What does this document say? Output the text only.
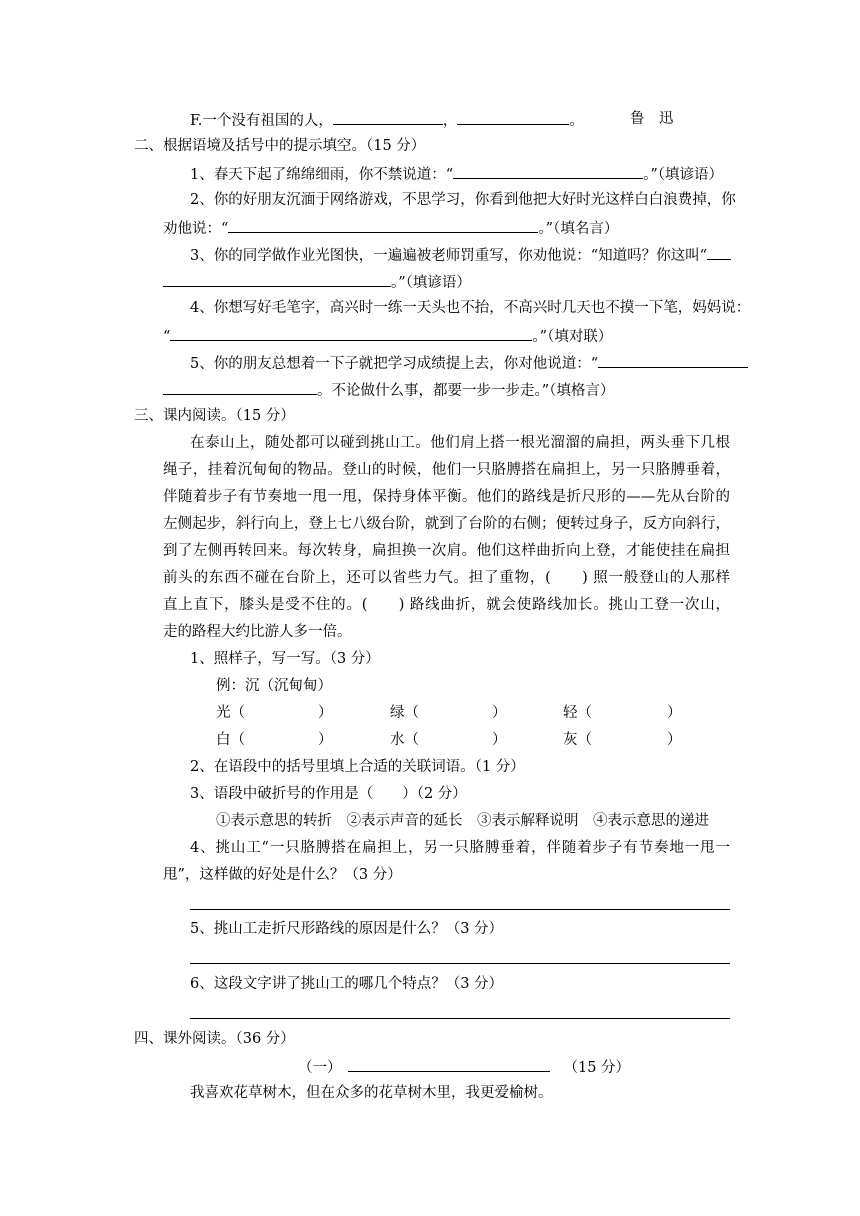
F.一个没有祖国的人，	，	。	鲁　迅
二、根据语境及括号中的提示填空。（15 分）
1、春天下起了绵绵细雨，你不禁说道：“	。”（填谚语）
2、你的好朋友沉湎于网络游戏，不思学习，你看到他把大好时光这样白白浪费掉，你
劝他说：“	。”（填名言）
3、你的同学做作业光图快，一遍遍被老师罚重写，你劝他说：“知道吗？你这叫“
。”（填谚语）
4、你想写好毛笔字，高兴时一练一天头也不抬，不高兴时几天也不摸一下笔，妈妈说：
“	。”（填对联）
5、你的朋友总想着一下子就把学习成绩提上去，你对他说道：“
。不论做什么事，都要一步一步走。”（填格言）
三、课内阅读。（15 分）
在泰山上，随处都可以碰到挑山工。他们肩上搭一根光溜溜的扁担，两头垂下几根
绳子，挂着沉甸甸的物品。登山的时候，他们一只胳膊搭在扁担上，另一只胳膊垂着，
伴随着步子有节奏地一甩一甩，保持身体平衡。他们的路线是折尺形的——先从台阶的
左侧起步，斜行向上，登上七八级台阶，就到了台阶的右侧；便转过身子，反方向斜行，
到了左侧再转回来。每次转身，扁担换一次肩。他们这样曲折向上登，才能使挂在扁担
前头的东西不碰在台阶上，还可以省些力气。担了重物，(　　) 照一般登山的人那样
直上直下，膝头是受不住的。(　　) 路线曲折，就会使路线加长。挑山工登一次山，
走的路程大约比游人多一倍。
1、照样子，写一写。（3 分）
例：沉（沉甸甸）
光（	）	绿（	）	轻（	）
白（	）	水（	）	灰（	）
2、在语段中的括号里填上合适的关联词语。（1 分）
3、语段中破折号的作用是（　　）（2 分）
①表示意思的转折　②表示声音的延长　③表示解释说明　④表示意思的递进
4、挑山工“一只胳膊搭在扁担上，另一只胳膊垂着，伴随着步子有节奏地一甩一
甩”，这样做的好处是什么？（3 分）
5、挑山工走折尺形路线的原因是什么？（3 分）
6、这段文字讲了挑山工的哪几个特点？（3 分）
四、课外阅读。（36 分）
（一）	（15 分）
我喜欢花草树木，但在众多的花草树木里，我更爱榆树。
